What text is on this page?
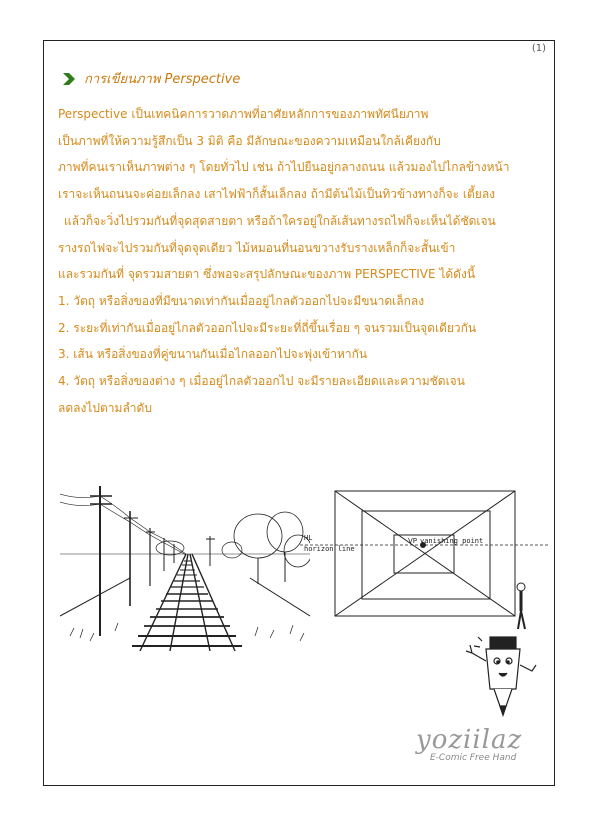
(1)
การเขียนภาพ Perspective
Perspective เป็นเทคนิคการวาดภาพที่อาศัยหลักการของภาพทัศนียภาพ
เป็นภาพที่ให้ความรู้สึกเป็น 3 มิติ คือ มีลักษณะของความเหมือนใกล้เคียงกับ
ภาพที่คนเราเห็นภาพต่าง ๆ โดยทั่วไป เช่น ถ้าไปยืนอยู่กลางถนน แล้วมองไปไกลข้างหน้า
เราจะเห็นถนนจะค่อยเล็กลง เสาไฟฟ้าก็สั้นเล็กลง ถ้ามีต้นไม้เป็นทิวข้างทางก็จะ เตี้ยลง
แล้วก็จะวิ่งไปรวมกันที่จุดสุดสายตา หรือถ้าใครอยู่ใกล้เส้นทางรถไฟก็จะเห็นได้ชัดเจน
รางรถไฟจะไปรวมกันที่จุดจุดเดียว ไม้หมอนที่นอนขวางรับรางเหล็กก็จะสั้นเข้า
และรวมกันที่ จุดรวมสายตา ซึ่งพอจะสรุปลักษณะของภาพ PERSPECTIVE ได้ดังนี้
1. วัตถุ หรือสิ่งของที่มีขนาดเท่ากันเมื่ออยู่ไกลตัวออกไปจะมีขนาดเล็กลง
2. ระยะที่เท่ากันเมื่ออยู่ไกลตัวออกไปจะมีระยะที่ถี่ขึ้นเรื่อย ๆ จนรวมเป็นจุดเดียวกัน
3. เส้น หรือสิ่งของที่คู่ขนานกันเมื่อไกลออกไปจะพุ่งเข้าหากัน
4. วัตถุ หรือสิ่งของต่าง ๆ เมื่ออยู่ไกลตัวออกไป จะมีรายละเอียดและความชัดเจน
ลดลงไปตามลำดับ
HL
horizon line
VP vanishing point
yoziilaz
E-Comic Free Hand
